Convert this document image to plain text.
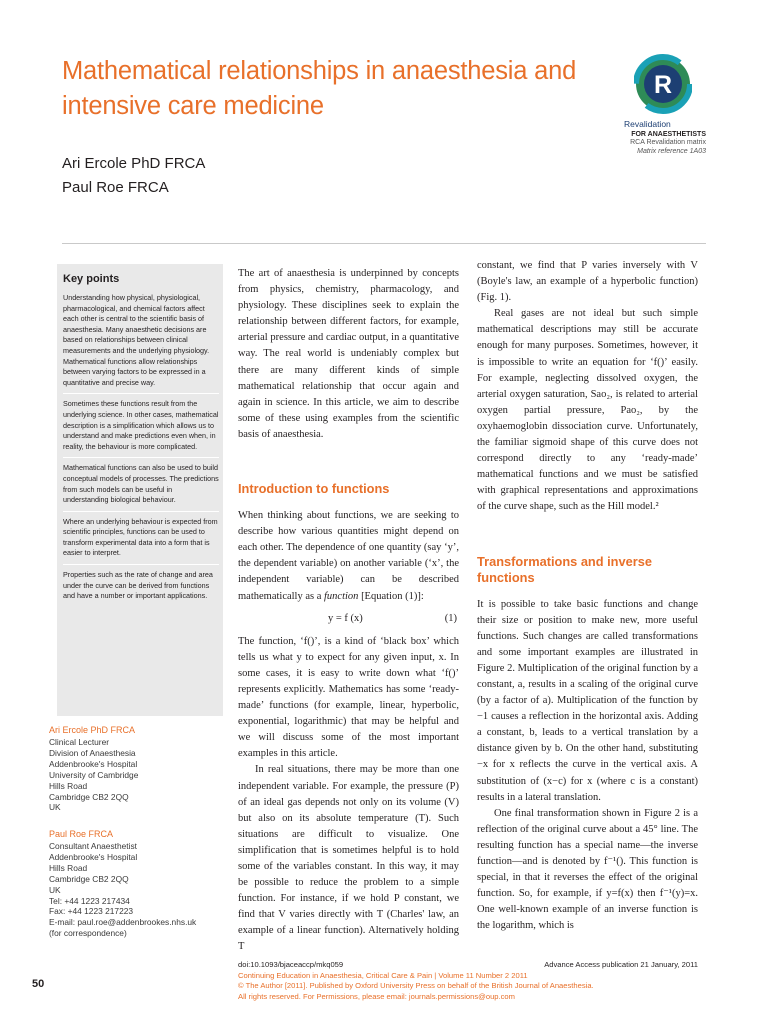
Mathematical relationships in anaesthesia and intensive care medicine
Ari Ercole PhD FRCA
Paul Roe FRCA
R
Revalidation
FOR ANAESTHETISTS
RCA Revalidation matrix
Matrix reference 1A03
Key points
Understanding how physical, physiological, pharmacological, and chemical factors affect each other is central to the scientific basis of anaesthesia. Many anaesthetic decisions are based on relationships between clinical measurements and the underlying physiology. Mathematical functions allow relationships between varying factors to be expressed in a quantitative and precise way.
Sometimes these functions result from the underlying science. In other cases, mathematical description is a simplification which allows us to understand and make predictions even when, in reality, the behaviour is more complicated.
Mathematical functions can also be used to build conceptual models of processes. The predictions from such models can be useful in understanding biological behaviour.
Where an underlying behaviour is expected from scientific principles, functions can be used to transform experimental data into a form that is easier to interpret.
Properties such as the rate of change and area under the curve can be derived from functions and have a number or important applications.
Ari Ercole PhD FRCA
Clinical Lecturer
Division of Anaesthesia
Addenbrooke's Hospital
University of Cambridge
Hills Road
Cambridge CB2 2QQ
UK
Paul Roe FRCA
Consultant Anaesthetist
Addenbrooke's Hospital
Hills Road
Cambridge CB2 2QQ
UK
Tel: +44 1223 217434
Fax: +44 1223 217223
E-mail: paul.roe@addenbrookes.nhs.uk
(for correspondence)

The art of anaesthesia is underpinned by concepts from physics, chemistry, pharmacology, and physiology. These disciplines seek to explain the relationship between different factors, for example, arterial pressure and cardiac output, in a quantitative way. The real world is undeniably complex but there are many different kinds of simple mathematical relationship that occur again and again in science. In this article, we aim to describe some of these using examples from the scientific basis of anaesthesia.

Introduction to functions

When thinking about functions, we are seeking to describe how various quantities might depend on each other. The dependence of one quantity (say ‘y’, the dependent variable) on another variable (‘x’, the independent variable) can be described mathematically as a function [Equation (1)]:

y = f (x)	(1)

The function, ‘f()’, is a kind of ‘black box’ which tells us what y to expect for any given input, x. In some cases, it is easy to write down what ‘f()’ represents explicitly. Mathematics has some ‘ready-made’ functions (for example, linear, hyperbolic, exponential, logarithmic) that may be helpful and we will discuss some of the most important examples in this article.

In real situations, there may be more than one independent variable. For example, the pressure (P) of an ideal gas depends not only on its volume (V) but also on its absolute temperature (T). Such situations are difficult to visualize. One simplification that is sometimes helpful is to hold some of the variables constant. In this way, it may be possible to reduce the problem to a simple function. For instance, if we hold P constant, we find that V varies directly with T (Charles' law, an example of a linear function). Alternatively holding T

constant, we find that P varies inversely with V (Boyle's law, an example of a hyperbolic function) (Fig. 1).

Real gases are not ideal but such simple mathematical descriptions may still be accurate enough for many purposes. Sometimes, however, it is impossible to write an equation for ‘f()’ easily. For example, neglecting dissolved oxygen, the arterial oxygen saturation, Sao₂, is related to arterial oxygen partial pressure, Pao₂, by the oxyhaemoglobin dissociation curve. Unfortunately, the familiar sigmoid shape of this curve does not correspond directly to any ‘ready-made’ mathematical functions and we must be satisfied with graphical representations and approximations of the curve shape, such as the Hill model.²

Transformations and inverse functions

It is possible to take basic functions and change their size or position to make new, more useful functions. Such changes are called transformations and some important examples are illustrated in Figure 2. Multiplication of the original function by a constant, a, results in a scaling of the original curve (by a factor of a). Multiplication of the function by −1 causes a reflection in the horizontal axis. Adding a constant, b, leads to a vertical translation by a distance given by b. On the other hand, substituting −x for x reflects the curve in the vertical axis. A substitution of (x−c) for x (where c is a constant) results in a lateral translation.

One final transformation shown in Figure 2 is a reflection of the original curve about a 45° line. The resulting function has a special name—the inverse function—and is denoted by f⁻¹(). This function is special, in that it reverses the effect of the original function. So, for example, if y=f(x) then f⁻¹(y)=x. One well-known example of an inverse function is the logarithm, which is

50
doi:10.1093/bjaceaccp/mkq059	Advance Access publication 21 January, 2011
Continuing Education in Anaesthesia, Critical Care & Pain | Volume 11 Number 2 2011
© The Author [2011]. Published by Oxford University Press on behalf of the British Journal of Anaesthesia.
All rights reserved. For Permissions, please email: journals.permissions@oup.com
